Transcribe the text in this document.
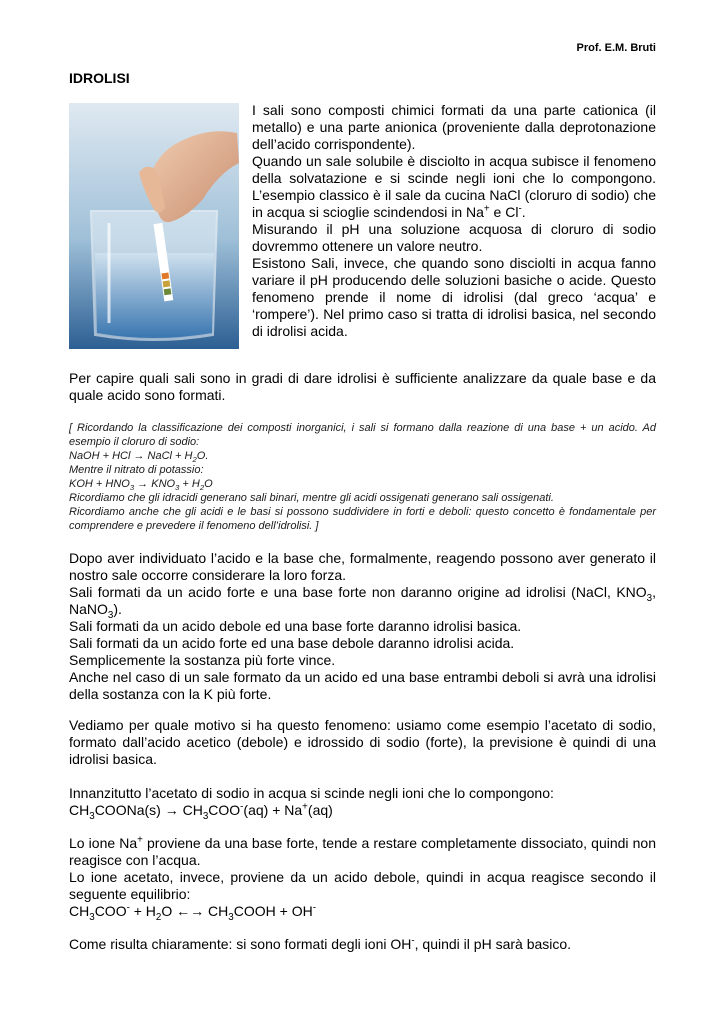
Prof. E.M. Bruti
IDROLISI

I sali sono composti chimici formati da una parte cationica (il metallo) e una parte anionica (proveniente dalla deprotonazione dell’acido corrispondente).

Quando un sale solubile è disciolto in acqua subisce il fenomeno della solvatazione e si scinde negli ioni che lo compongono. L’esempio classico è il sale da cucina NaCl (cloruro di sodio) che in acqua si scioglie scindendosi in Na+ e Cl-.

Misurando il pH una soluzione acquosa di cloruro di sodio dovremmo ottenere un valore neutro.

Esistono Sali, invece, che quando sono disciolti in acqua fanno variare il pH producendo delle soluzioni basiche o acide. Questo fenomeno prende il nome di idrolisi (dal greco ‘acqua’ e ‘rompere’). Nel primo caso si tratta di idrolisi basica, nel secondo di idrolisi acida.

Per capire quali sali sono in gradi di dare idrolisi è sufficiente analizzare da quale base e da quale acido sono formati.

[ Ricordando la classificazione dei composti inorganici, i sali si formano dalla reazione di una base + un acido. Ad esempio il cloruro di sodio:

NaOH + HCl → NaCl + $H_2O$.

Mentre il nitrato di potassio:

KOH + $HNO_3 \to KNO_3 + H_2O$

Ricordiamo che gli idracidi generano sali binari, mentre gli acidi ossigenati generano sali ossigenati.

Ricordiamo anche che gli acidi e le basi si possono suddividere in forti e deboli: questo concetto è fondamentale per comprendere e prevedere il fenomeno dell’idrolisi. ]

Dopo aver individuato l’acido e la base che, formalmente, reagendo possono aver generato il nostro sale occorre considerare la loro forza.

Sali formati da un acido forte e una base forte non daranno origine ad idrolisi (NaCl, $KNO_3$, NaNO$_3$).

Sali formati da un acido debole ed una base forte daranno idrolisi basica.

Sali formati da un acido forte ed una base debole daranno idrolisi acida.

Semplicemente la sostanza più forte vince.

Anche nel caso di un sale formato da un acido ed una base entrambi deboli si avrà una idrolisi della sostanza con la K più forte.

Vediamo per quale motivo si ha questo fenomeno: usiamo come esempio l’acetato di sodio, formato dall’acido acetico (debole) e idrossido di sodio (forte), la previsione è quindi di una idrolisi basica.

Innanzitutto l’acetato di sodio in acqua si scinde negli ioni che lo compongono:

$CH_3COONa(s) \to CH_3COO^-(aq) + Na^+(aq)$

Lo ione Na+ proviene da una base forte, tende a restare completamente dissociato, quindi non reagisce con l’acqua.

Lo ione acetato, invece, proviene da un acido debole, quindi in acqua reagisce secondo il seguente equilibrio:

$CH_3COO^- + H_2O$ ←→ $CH_3COOH + OH^-$

Come risulta chiaramente: si sono formati degli ioni OH-, quindi il pH sarà basico.
